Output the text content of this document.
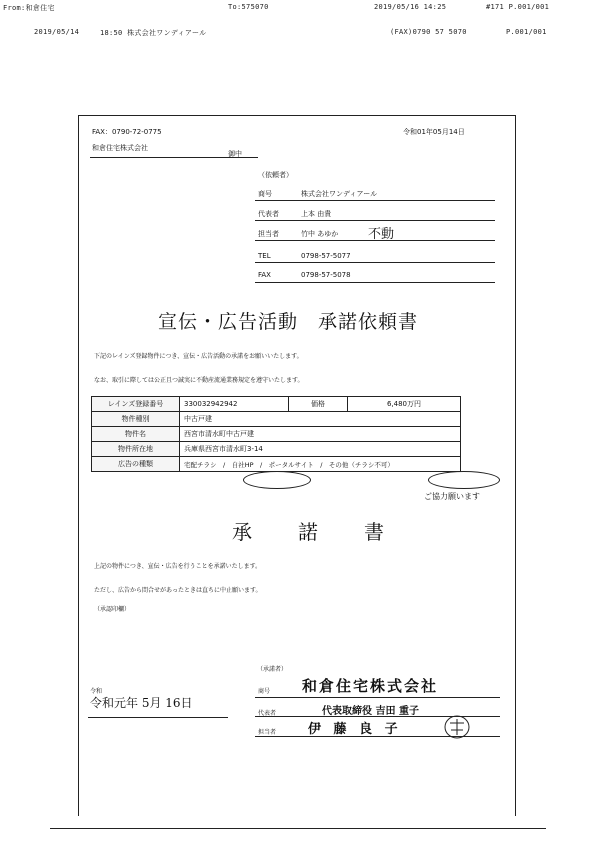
From:和倉住宅	To:575070	2019/05/16 14:25	#171 P.001/001
2019/05/14	18:50 株式会社ワンディアール	(FAX)0790 57 5070	P.001/001
FAX：0790-72-0775	令和01年05月14日
和倉住宅株式会社
御中
（依頼者）
商号	株式会社ワンディアール
代表者	上本 由貴
担当者	竹中 あゆか 不動
TEL	0798-57-5077
FAX	0798-57-5078
宣伝・広告活動　承諾依頼書
下記のレインズ登録物件につき、宣伝・広告活動の承諾をお願いいたします。
なお、取引に際しては公正且つ誠実に不動産流通業務規定を遵守いたします。
レインズ登録番号	330032942942	価格	6,480万円
物件種別	中古戸建		
物件名	西宮市清水町中古戸建		
物件所在地	兵庫県西宮市清水町3-14		
広告の種類	宅配チラシ　/　自社HP　/　ポータルサイト　/　その他（チラシ不可）		
ご協力願います
承　　諾　　書
上記の物件につき、宣伝・広告を行うことを承諾いたします。
ただし、広告から問合せがあったときは直ちに中止願います。
（承認印欄）
令和
令和元年 5月 16日
（承諾者）
商号 和倉住宅株式会社
代表者	代表取締役 吉田 重子
担当者 伊 藤 良 子
